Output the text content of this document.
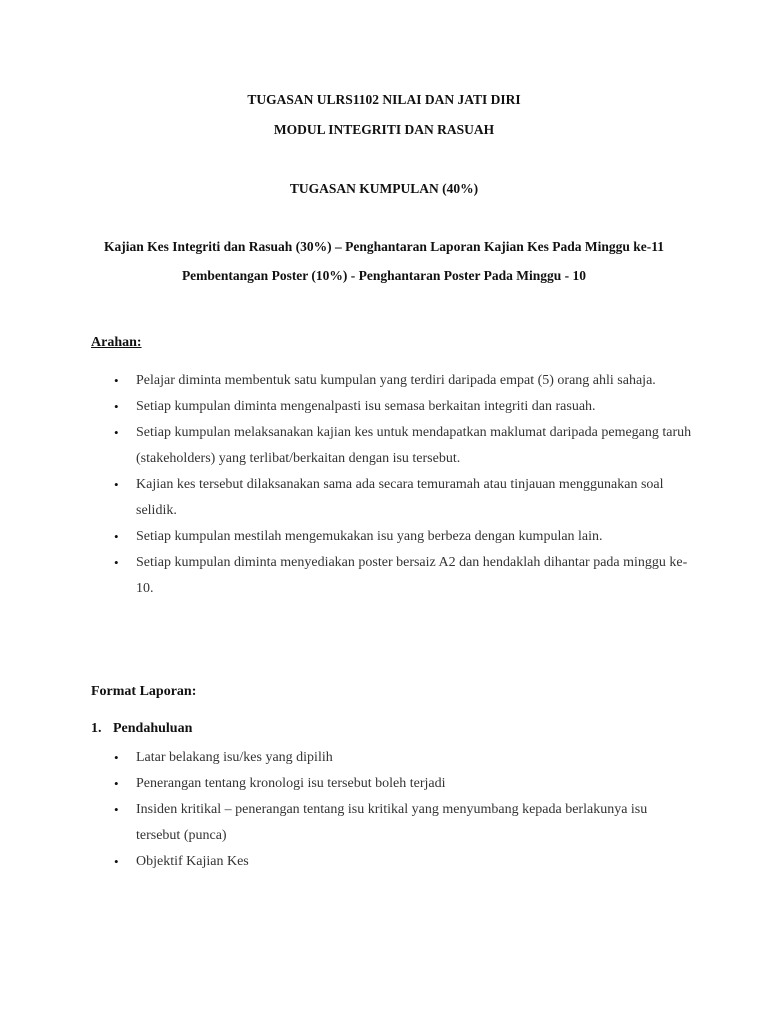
TUGASAN ULRS1102 NILAI DAN JATI DIRI
MODUL INTEGRITI DAN RASUAH
TUGASAN KUMPULAN (40%)
Kajian Kes Integriti dan Rasuah (30%) – Penghantaran Laporan Kajian Kes Pada Minggu ke-11
Pembentangan Poster (10%) - Penghantaran Poster Pada Minggu - 10
Arahan:
• Pelajar diminta membentuk satu kumpulan yang terdiri daripada empat (5) orang ahli sahaja.
• Setiap kumpulan diminta mengenalpasti isu semasa berkaitan integriti dan rasuah.
• Setiap kumpulan melaksanakan kajian kes untuk mendapatkan maklumat daripada pemegang taruh (stakeholders) yang terlibat/berkaitan dengan isu tersebut.
• Kajian kes tersebut dilaksanakan sama ada secara temuramah atau tinjauan menggunakan soal selidik.
• Setiap kumpulan mestilah mengemukakan isu yang berbeza dengan kumpulan lain.
• Setiap kumpulan diminta menyediakan poster bersaiz A2 dan hendaklah dihantar pada minggu ke-10.
Format Laporan:
1. Pendahuluan
• Latar belakang isu/kes yang dipilih
• Penerangan tentang kronologi isu tersebut boleh terjadi
• Insiden kritikal – penerangan tentang isu kritikal yang menyumbang kepada berlakunya isu tersebut (punca)
• Objektif Kajian Kes
